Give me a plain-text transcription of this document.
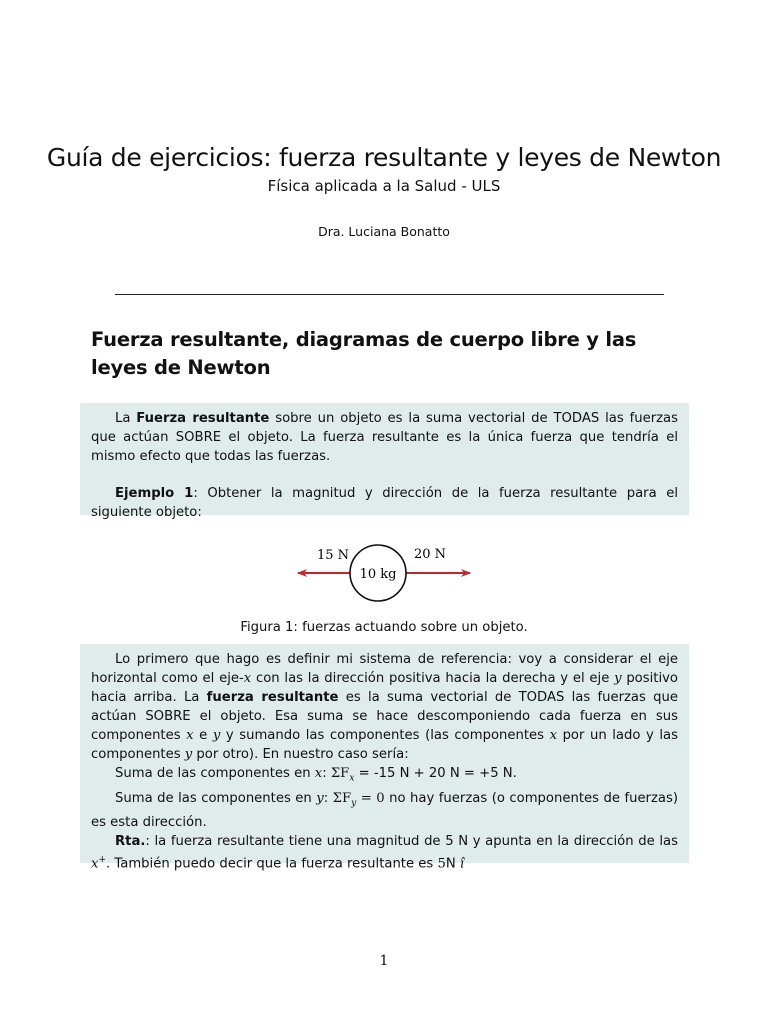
Guía de ejercicios: fuerza resultante y leyes de Newton
Física aplicada a la Salud - ULS
Dra. Luciana Bonatto
Fuerza resultante, diagramas de cuerpo libre y las leyes de Newton

La Fuerza resultante sobre un objeto es la suma vectorial de TODAS las fuerzas que actúan SOBRE el objeto. La fuerza resultante es la única fuerza que tendría el mismo efecto que todas las fuerzas.

Ejemplo 1: Obtener la magnitud y dirección de la fuerza resultante para el siguiente objeto:

15 N	20 N
10 kg
Figura 1: fuerzas actuando sobre un objeto.

Lo primero que hago es definir mi sistema de referencia: voy a considerar el eje horizontal como el eje-x con las la dirección positiva hacia la derecha y el eje y positivo hacia arriba. La fuerza resultante es la suma vectorial de TODAS las fuerzas que actúan SOBRE el objeto. Esa suma se hace descomponiendo cada fuerza en sus componentes x e y y sumando las componentes (las componentes x por un lado y las componentes y por otro). En nuestro caso sería:

Suma de las componentes en x: $\Sigma F_x = -15$ N + 20 N = +5 N.

Suma de las componentes en y: $\Sigma F_y = 0$ no hay fuerzas (o componentes de fuerzas) es esta dirección.

Rta.: la fuerza resultante tiene una magnitud de 5 N y apunta en la dirección de las x+. También puedo decir que la fuerza resultante es 5N î

1
